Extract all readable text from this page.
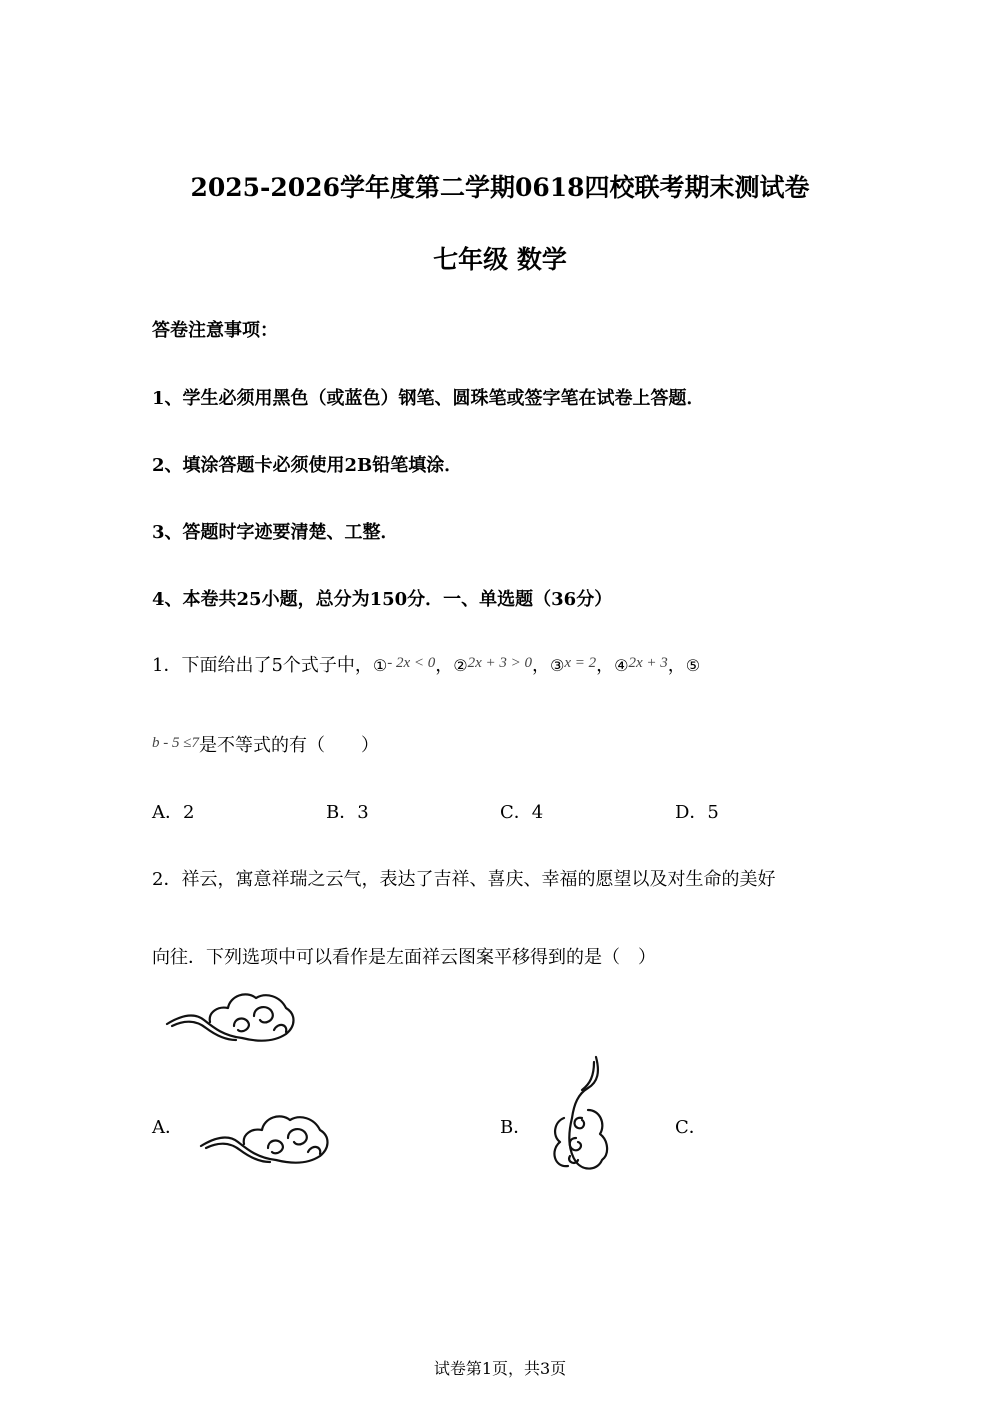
2025-2026学年度第二学期0618四校联考期末测试卷
七年级 数学
答卷注意事项：
1、学生必须用黑色（或蓝色）钢笔、圆珠笔或签字笔在试卷上答题．
2、填涂答题卡必须使用2B铅笔填涂．
3、答题时字迹要清楚、工整．
4、本卷共25小题，总分为150分．一、单选题（36分）
1．下面给出了5个式子中，①$^{- 2x < 0}$，②$^{2x + 3 > 0}$，③$^{x = 2}$，④$^{2x + 3}$，⑤
$^{b - 5 \le 7}$是不等式的有（　　）
A．2	B．3	C．4	D．5
2．祥云，寓意祥瑞之云气，表达了吉祥、喜庆、幸福的愿望以及对生命的美好
向往．下列选项中可以看作是左面祥云图案平移得到的是（　）
A．	B．	C．
试卷第1页，共3页
